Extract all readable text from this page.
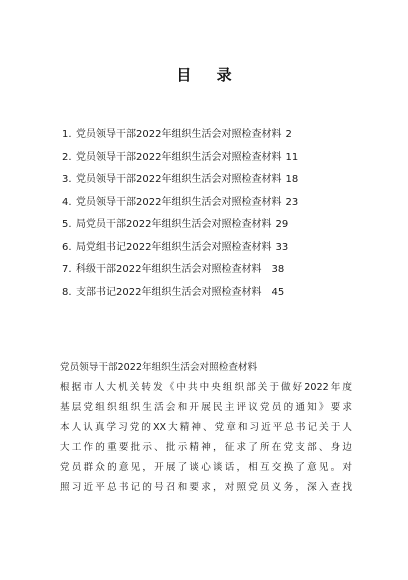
目 录
1. 党员领导干部2022年组织生活会对照检查材料 2
2. 党员领导干部2022年组织生活会对照检查材料 11
3. 党员领导干部2022年组织生活会对照检查材料 18
4. 党员领导干部2022年组织生活会对照检查材料 23
5. 局党员干部2022年组织生活会对照检查材料 29
6. 局党组书记2022年组织生活会对照检查材料 33
7. 科级干部2022年组织生活会对照检查材料 38
8. 支部书记2022年组织生活会对照检查材料 45

党员领导干部2022年组织生活会对照检查材料

根据市人大机关转发《中共中央组织部关于做好2022年度

基层党组织组织生活会和开展民主评议党员的通知》要求

本人认真学习党的XX大精神、党章和习近平总书记关于人

大工作的重要批示、批示精神，征求了所在党支部、身边

党员群众的意见，开展了谈心谈话，相互交换了意见。对

照习近平总书记的号召和要求，对照党员义务，深入查找
